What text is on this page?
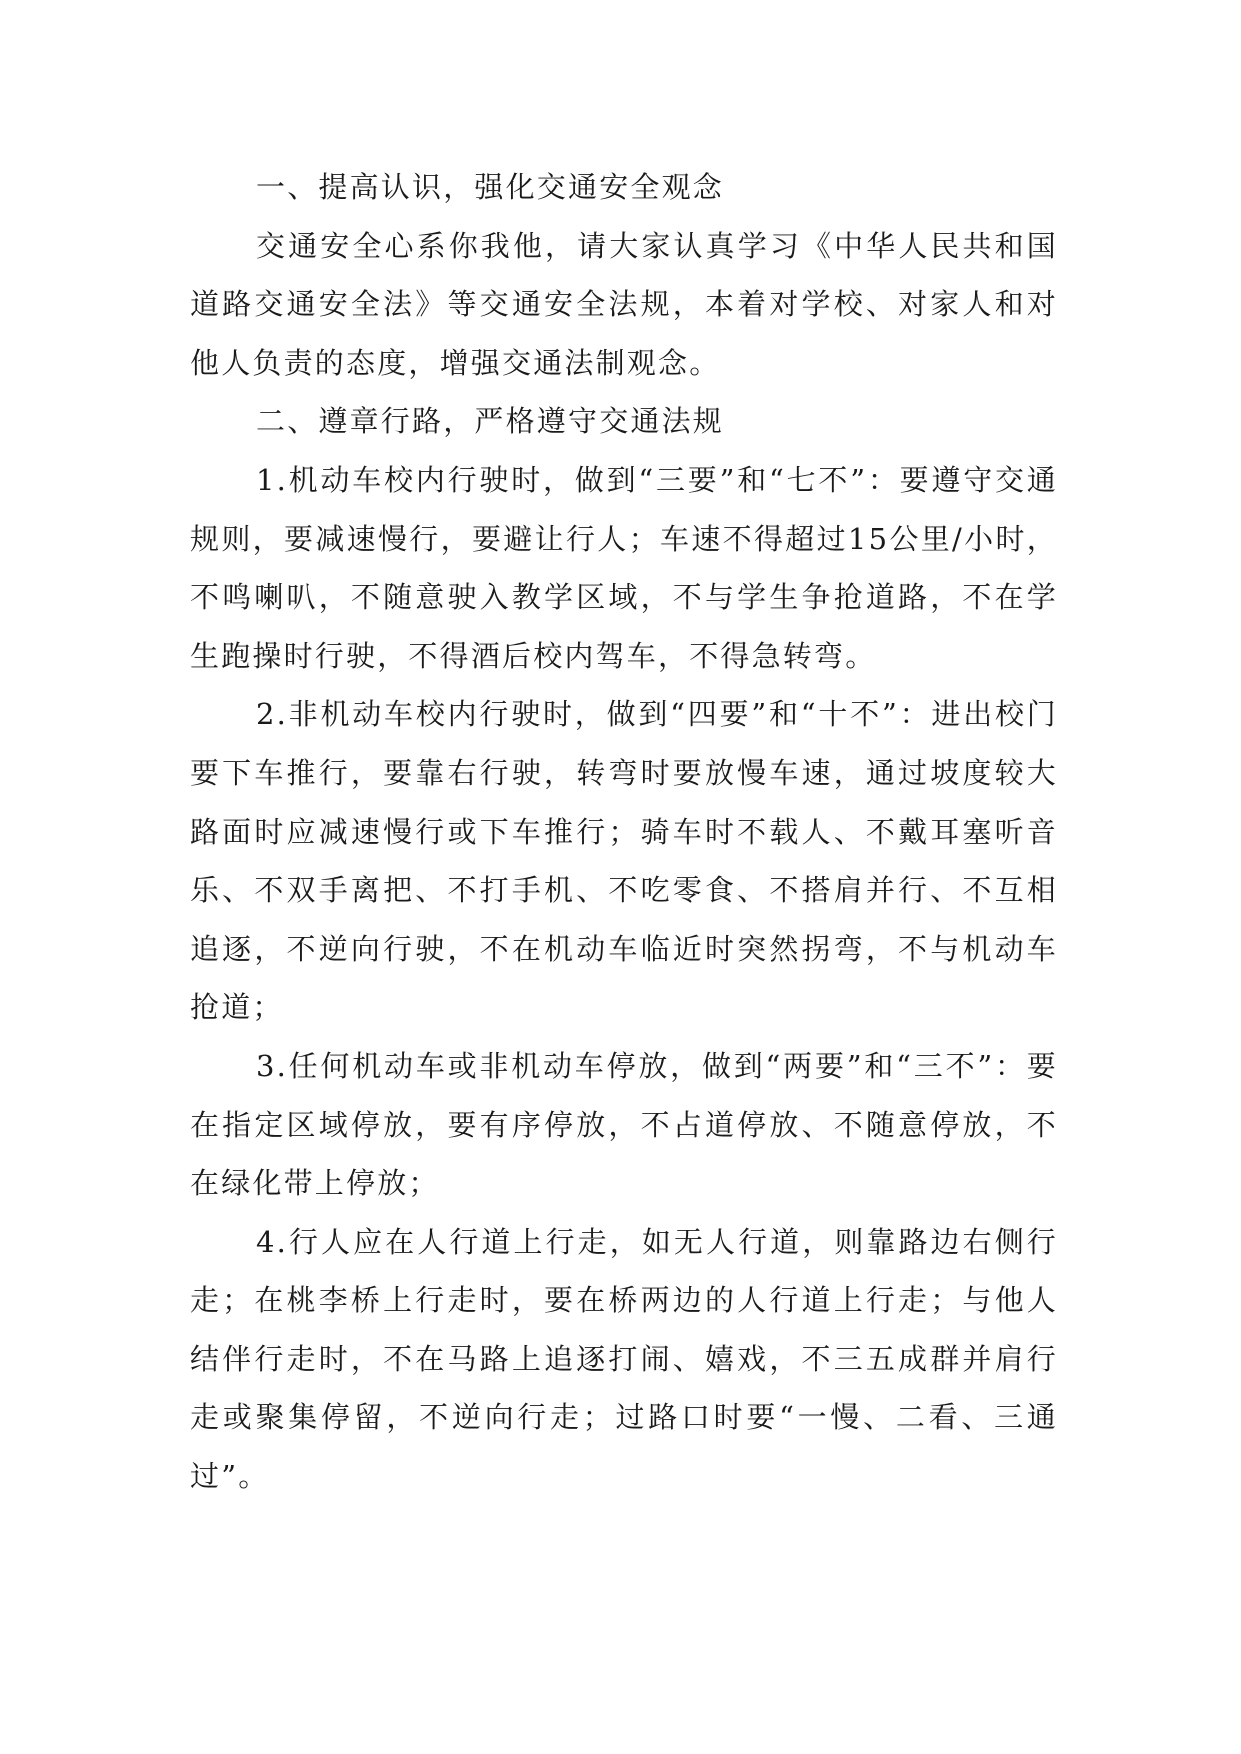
一、提高认识，强化交通安全观念

交通安全心系你我他，请大家认真学习《中华人民共和国道路交通安全法》等交通安全法规，本着对学校、对家人和对他人负责的态度，增强交通法制观念。

二、遵章行路，严格遵守交通法规

1.机动车校内行驶时，做到“三要”和“七不”：要遵守交通规则，要减速慢行，要避让行人；车速不得超过15公里/小时，不鸣喇叭，不随意驶入教学区域，不与学生争抢道路，不在学生跑操时行驶，不得酒后校内驾车，不得急转弯。

2.非机动车校内行驶时，做到“四要”和“十不”：进出校门要下车推行，要靠右行驶，转弯时要放慢车速，通过坡度较大路面时应减速慢行或下车推行；骑车时不载人、不戴耳塞听音乐、不双手离把、不打手机、不吃零食、不搭肩并行、不互相追逐，不逆向行驶，不在机动车临近时突然拐弯，不与机动车抢道；

3.任何机动车或非机动车停放，做到“两要”和“三不”：要在指定区域停放，要有序停放，不占道停放、不随意停放，不在绿化带上停放；

4.行人应在人行道上行走，如无人行道，则靠路边右侧行走；在桃李桥上行走时，要在桥两边的人行道上行走；与他人结伴行走时，不在马路上追逐打闹、嬉戏，不三五成群并肩行走或聚集停留，不逆向行走；过路口时要“一慢、二看、三通过”。
